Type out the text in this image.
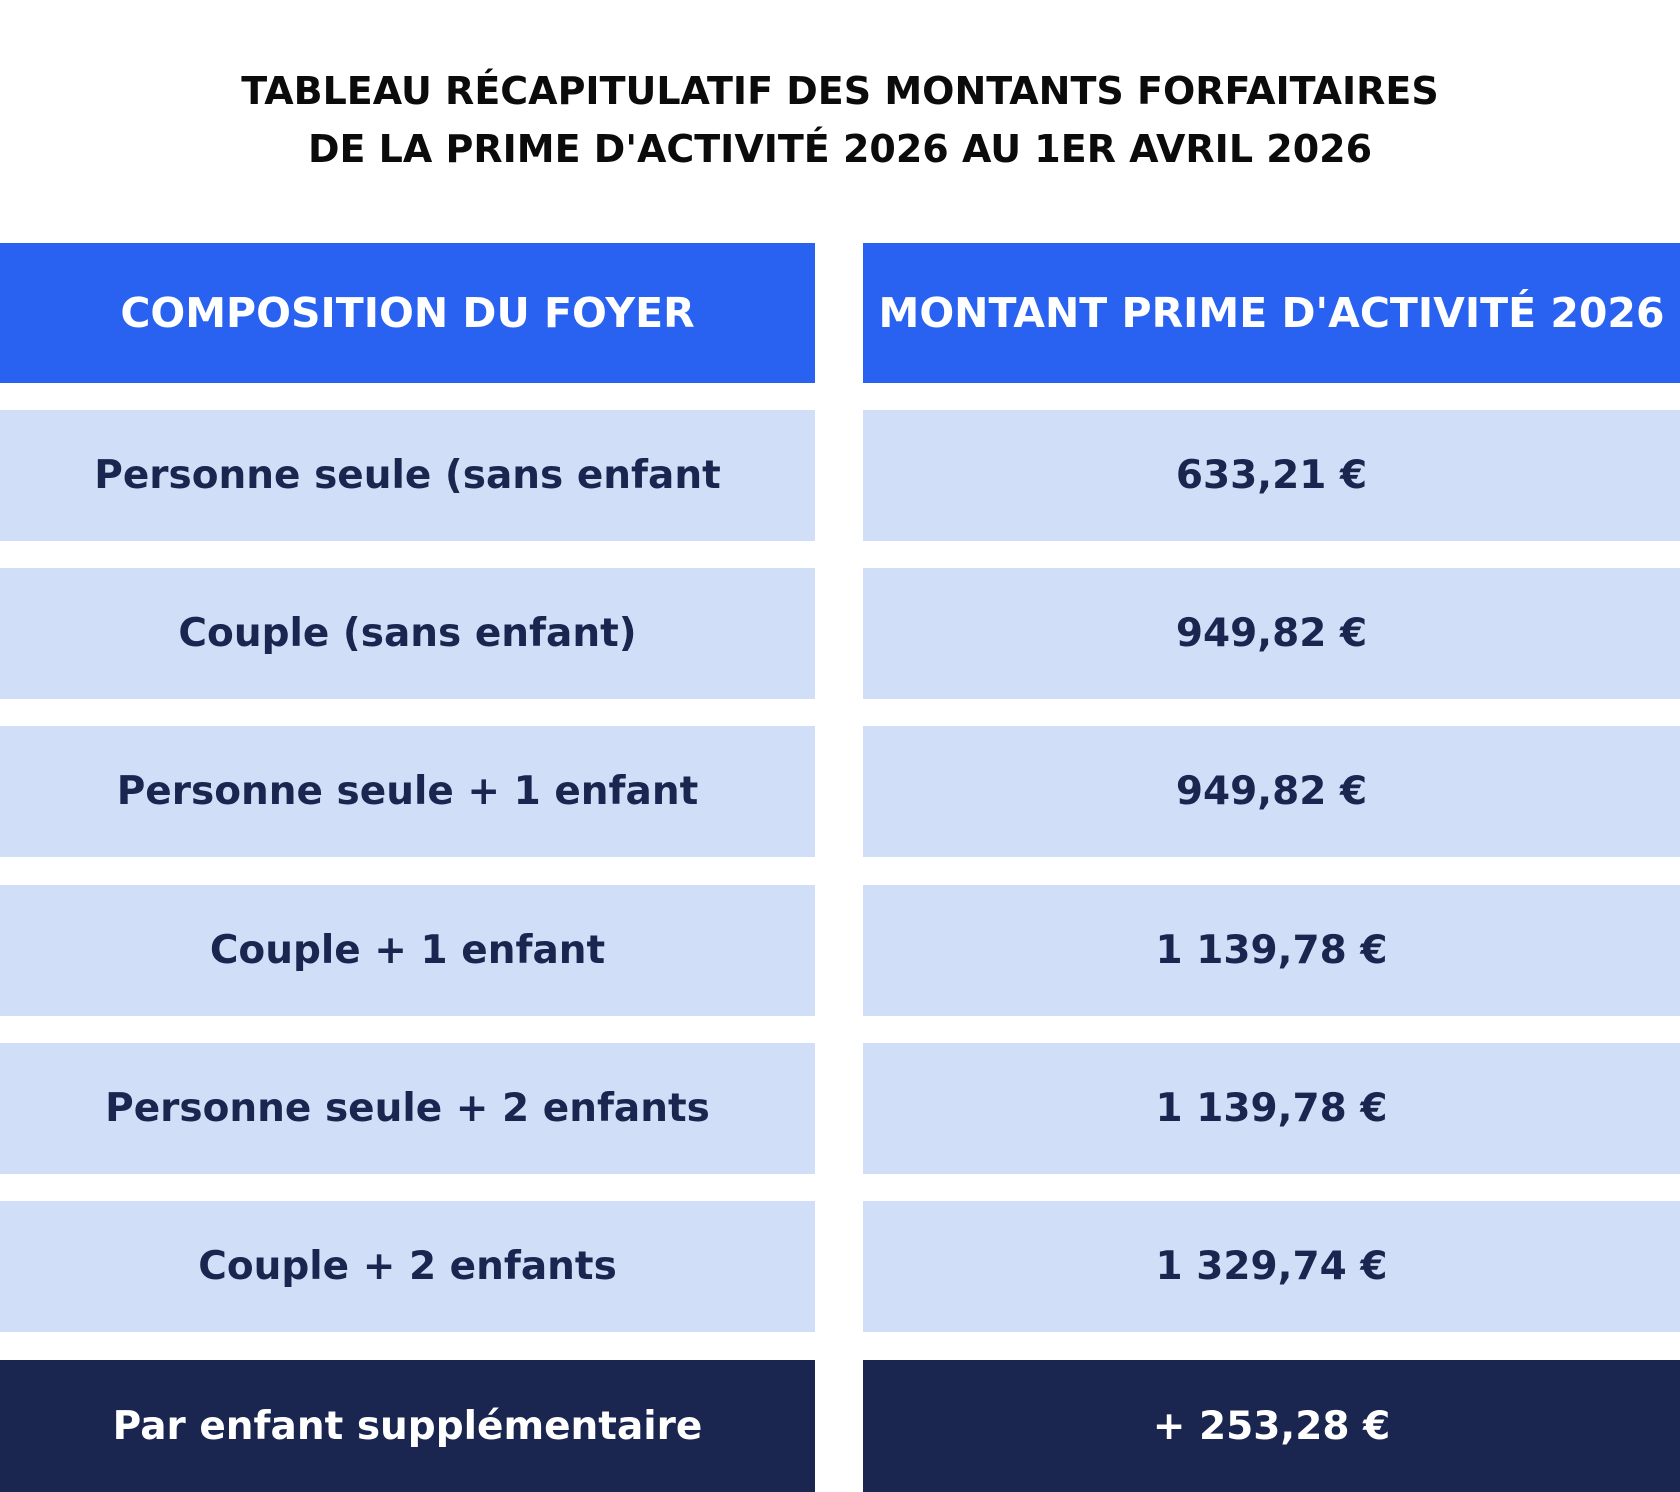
TABLEAU RÉCAPITULATIF DES MONTANTS FORFAITAIRES
DE LA PRIME D'ACTIVITÉ 2026 AU 1ER AVRIL 2026
COMPOSITION DU FOYER	MONTANT PRIME D'ACTIVITÉ 2026
Personne seule (sans enfant	633,21 €
Couple (sans enfant)	949,82 €
Personne seule + 1 enfant	949,82 €
Couple + 1 enfant	1 139,78 €
Personne seule + 2 enfants	1 139,78 €
Couple + 2 enfants	1 329,74 €
Par enfant supplémentaire	+ 253,28 €
